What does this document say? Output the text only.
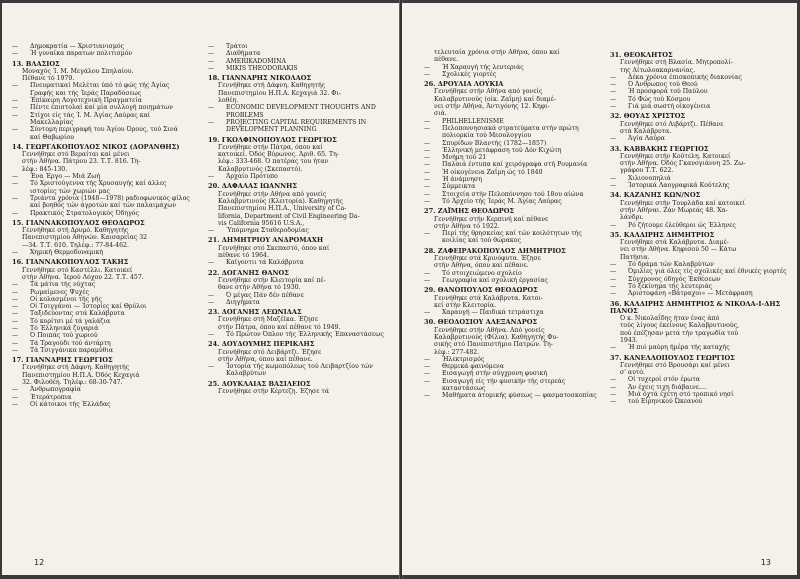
—	Δημοκρατία — Χριστιανισμός
—	Ή γυναίκα παρατων πολιτισμόν
13. ΒΛΑΣΙΟΣ
Μοναχός Ί. Μ. Μεγάλου Σπηλαίου.
Πέθανε τό 1979.
—	Πνευματικαί Μελέται ύπό τό φώς τής Άγίας Γραφής και τής Ίεράς Παραδόσεως
—	Έπίκαιρη Λογοτεχνική Πραγματεία
—	Πέντε έπιστολαί καί μία συλλογή ποιημάτων
—	Στίχοι είς τάς Ί. Μ. Άγίας Λαύρας καί Μακελλαρίας
—	Σύντομη περιγραφή του Άγίου Όρους, τού Σινά καί Θαβωρίου
14. ΓΕΩΡΓΑΚΟΠΟΥΛΟΣ ΝΙΚΟΣ (ΔΟΡΑΝΘΗΣ)
Γεννήθηκε στό Βεραίται καί μένει
στήν Αθήνα. Πάτρου 23. Τ.Τ. 816. Τη-
λέφ.: 845-130.
—	Ένα Έργο — Μιά Ζωή
—	Τό Χριστούγεννα τής Χρυσαυγής καί άλλες ιστορίες τών χωριών μας
—	Τριάντα χρόνια (1948—1978) ραδιοφωνικός φίλος καί βοηθός τών άγροτών καί τών παλαιμάχων
—	Πρακτικός Στρατολογικός Όδηγός
15. ΓΙΑΝΝΑΚΟΠΟΥΛΟΣ ΘΕΟΔΩΡΟΣ
Γεννήθηκε στή Δρυμό. Καθηγητής
Πανεπιστημίου Αθηνών. Καισαρείας 32
—34. Τ.Τ. 610. Τηλέφ.: 77-84-462.
—	Χημική Θερμοδυναμική
16. ΓΙΑΝΝΑΚΟΠΟΥΛΟΣ ΤΑΚΗΣ
Γεννήθηκε στό Καστέλλι. Κατοικεί
στήν Αθήνα. Ίερού Λόχου 22. Τ.Τ. 457.
—	Τά μάτια τής νύχτας
—	Ρωμαίμενες Ψυχές
—	Οί κολασμένοι τής γής
—	Οί Τσιγγάνοι — Ίστορίες καί Θρύλοι
—	Ταξιδεύοντας στά Καλάβρυτα
—	Τό κορίτσι μέ τά γαλάζια
—	Τό Έλληνικά ζυγαριά
—	Ό Ποιπάς τού χωριού
—	Τά Τραγούδι τού άντάρτη
—	Τά Τσιγγάνικα παραμύθια
17. ΓΙΑΝΝΑΡΗΣ ΓΕΩΡΓΙΟΣ
Γεννήθηκε στή Δάφνη. Καθηγητής
Πανεπιστημίου Η.Π.Α. Όδός Κεχαγιά
32. Φιλοθέη. Τηλέφ.: 68-30-747.
—	Άνθρωπογραφία
—	Έτεράτροπια
—	Οί κάτοικοι τής Έλλάδας
—	Τράτοι
—	Διαθήματα
—	AMERIKADOMINA
—	MIKIS THEODORAKIS
18. ΓΙΑΝΝΑΡΗΣ ΝΙΚΟΛΑΟΣ
Γεννήθηκε στή Δάφνη. Καθηγητής
Πανεπιστημίου Η.Π.Α. Κεχαγιά 32. Φι-
λοθέη.
—	ECONOMIC DEVELOPMENT THOUGHTS AND PROBLEMS
—	PROJECTING CAPITAL REQUIREMENTS IN DEVELOPMENT PLANNING
19. ΓΚΟΛΦΙΝΟΠΟΥΛΟΣ ΓΕΩΡΓΙΟΣ
Γεννήθηκε στήν Πάτρα, όπου καί
κατοικεί. Όδός Βύρωνος. Άριθ. 65. Τη-
λέφ.: 333-468. Ό πατέρας του ήταν
Καλαβρυτινός (Σκεπαστό).
—	Άρχαίο Πρότυπο
20. ΔΑΦΑΛΑΣ ΙΩΑΝΝΗΣ
Γεννήθηκε στήν Αθήνα από γονείς
Καλαβρυτινούς (Κλειτορία). Καθηγητής
Πανεπιστημίου Η.Π.Α., University of Ca-
lifornia, Department of Civil Engineering Da-
vis California 95616 U.S.A.,
—	Ύπόμνημα Σταθεροδομίας
21. ΔΗΜΗΤΡΙΟΥ ΑΝΔΡΟΜΑΧΗ
Γεννήθηκε στό Σκεπαστό, όπου καί
πέθανε τό 1964.
—	Καϊγοντιι τά Καλάβρυτα
22. ΔΟΓΑΝΗΣ ΘΑΝΟΣ
Γεννήθηκε στήν Κλειτορία καί πέ-
θανε στήν Αθήνα τό 1930.
—	Ό μέγας Πάν δέν πέθανε
—	Διηγήματα
23. ΔΟΓΑΝΗΣ ΛΕΩΝΙΔΑΣ
Γεννήθηκε στή Μαζέϊκα. Έζησε
στήν Πάτρα, όπου καί πέθανε τό 1949.
—	Τό Πρώτον Όπλον τής Έλληνικής Έπαναστάσεως
24. ΔΟΥΔΟΥΜΗΣ ΠΕΡΙΚΛΗΣ
Γεννήθηκε στό Λειβάρτζι. Έζησε
στήν Αθήνα, όπου καί πέθανε.
—	Ίστορία τής κωμοπόλεως τού Λειβαρτζίου τών Καλαβρύτων
25. ΔΟΥΚΛΑΙΑΣ ΒΑΣΙΛΕΙΟΣ
Γεννήθηκε στήν Κέρτεζη. Έζησε τά
12
τελευταία χρόνια στήν Αθήνα, όπου καί
πέθανε.
—	Ή Χαραυγή τής λευτεριάς
—	Σχολικές γιορτές
26. ΔΡΟΥΛΙΑ ΛΟΥΚΙΑ
Γεννήθηκε στήν Αθήνα από γονείς
Καλαβρυτινούς (οίκ. Ζαΐμη) καί διαμέ-
νει στήν Αθήνα, Άντιγόνης 12. Κηφι-
σιά.
—	PHILHELLENISME
—	Πελοποννησιακά στρατεύματα στήν πρώτη πολιορκία τού Μεσολογγίου
—	Σπυρίδων Βλαντής (1782—1857)
—	Έλληνική μετάφραση τού Δόν Κιχώτη
—	Μνήμη τού 21
—	Παλαιά έντυπα καί χειρόγραφα στή Ρουμανία
—	Ή οίκογένεια Ζαΐμη ώς τό 1840
—	Ή άνάμνηση
—	Σύμμεικτα
—	Στοιχεία στήν Πελοπόννησο τού 18ου αίώνα
—	Τό Άρχείο τής Ίεράς Μ. Άγίας Λαύρας
27. ΖΑΪΜΗΣ ΘΕΟΔΩΡΟΣ
Γεννήθηκε στήν Κερπινή καί πέθανε
στήν Αθήνα τό 1922.
—	Περί τής θρησκείας καί τών κοιλότητων τής κοιλίας καί τού θώρακος
28. ΖΑΦΕΙΡΑΚΟΠΟΥΛΟΣ ΔΗΜΗΤΡΙΟΣ
Γεννήθηκε στά Κρινόφυτα. Έζησε
στήν Αθήνα, όπου καί πέθανε.
—	Τό στοιχειώμενο σχολείο
—	Γεωγραφία καί σχολική έργασίας
29. ΘΑΝΟΠΟΥΛΟΣ ΘΕΟΔΩΡΟΣ
Γεννήθηκε στά Καλάβρυτα. Κατοι-
κεί στήν Κλειτορία.
—	Χαραυγή — Παιδικά τετράστιχα
30. ΘΕΟΔΟΣΙΟΥ ΑΛΕΞΑΝΔΡΟΣ
Γεννήθηκε στήν Αθήνα. Από γονείς
Καλαβρυτινούς (Φίλια). Καθηγητής Φυ-
σικής στό Πανεπιστήμιο Πατρών. Τη-
λέφ.: 277-482.
—	Ήλεκτρισμός
—	Θερμικά φαινόμενα
—	Εισαγωγή στήν σύγχρονη φυσική
—	Εισαγωγή είς τήν φυσικήν τής στερεάς καταστάσεως
—	Μαθήματα άτομικής φύσεως — φασματοσκοπίας
31. ΘΕΟΚΛΗΤΟΣ
Γεννήθηκε στή Βλασία. Μητροπολί-
της Αίτωλοακαρνανίας.
—	Δέκα χρόνια έπισκοπικής διακονίας
—	Ό Άνθρωπος τού Θεού
—	Ή προσφορά τού Παύλου
—	Τό Φώς τού Κόσμου
—	Γιά μιά σωστή οίκογένεια
32. ΘΟΥΑΣ ΧΡΙΣΤΟΣ
Γεννήθηκε στό Λιβάρτζι. Πέθανε
στά Καλάβρυτα.
—	Άγία Λαύρα
33. ΚΑΒΒΑΚΗΣ ΓΕΩΡΓΙΟΣ
Γεννήθηκε στήν Κούτελη. Κατοικεί
στήν Αθήνα. Όδός Γκανογιάννη 25. Ζω-
γράφου Τ.Τ. 622.
—	Χιλιονοπηλιά
—	Ίστορικά Λαογραφικά Κούτελης
34. ΚΑΖΑΝΗΣ ΚΩΝ/ΝΟΣ
Γεννήθηκε στήν Τουρλάδα καί κατοικεί
στήν Αθήναι. Ζάν Μωρεάς 48. Χα-
λάνδρι.
—	Ρό ζήτουμε έλεύθεροι ώς Έλληνες
35. ΚΑΛΔΙΡΗΣ ΔΗΜΗΤΡΙΟΣ
Γεννήθηκε στά Καλάβρυτα. Διαμέ-
νει στήν Αθήνα. Κηφισού 50 — Κάτω
Πατήσια.
—	Τό δράμα τών Καλαβρύτων
—	Όμιλίες γιά όλες τίς σχολικές καί έθνικές γιορτές
—	Σύγχρονος όδηγός Έκθέσεων
—	Τό ξεκίνημα τής λευτεριάς
—	Άριστοφάνη «Βάτραχοι» — Μετάφραση
36. ΚΑΛΔΙΡΗΣ ΔΗΜΗΤΡΙΟΣ & ΝΙΚΟΛΑ-Ι-ΔΗΣ ΠΑΝΟΣ
Ό κ. Νικολαΐδης ήταν ένας άπό
τούς λίγους έκείνους Καλαβρυτινούς,
πού έπέζησαν μετά τήν τραγωδία τού
1943.
—	Ή πιό μαύρη ήμέρα τής καταχής
37. ΚΑΝΕΛΛΟΠΟΥΛΟΣ ΓΕΩΡΓΙΟΣ
Γεννήθηκε στό Βρουσάρι καί μένει
σ' αυτό.
—	Οί τυχεροί στόν έρωτα
—	Άν έχεις τιχη διάβαινε....
—	Μιά όχτά έχέτη στό τροπικό νησί
—	τού Εἰρηνικού Ώκεανού
13
